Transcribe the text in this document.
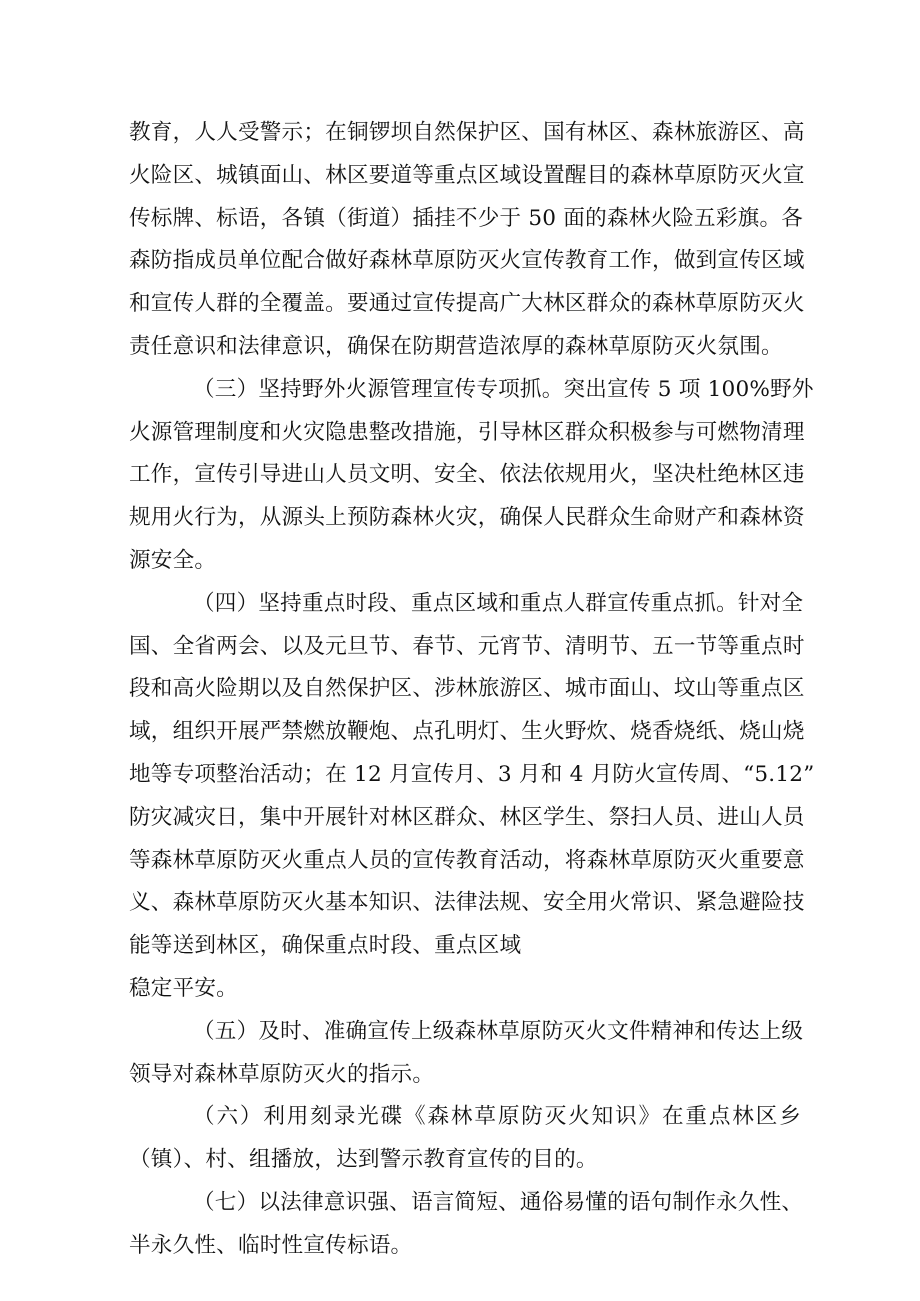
教育，人人受警示；在铜锣坝自然保护区、国有林区、森林旅游区、高
火险区、城镇面山、林区要道等重点区域设置醒目的森林草原防灭火宣
传标牌、标语，各镇（街道）插挂不少于 50 面的森林火险五彩旗。各
森防指成员单位配合做好森林草原防灭火宣传教育工作，做到宣传区域
和宣传人群的全覆盖。要通过宣传提高广大林区群众的森林草原防灭火
责任意识和法律意识，确保在防期营造浓厚的森林草原防灭火氛围。

（三）坚持野外火源管理宣传专项抓。突出宣传 5 项 100%野外
火源管理制度和火灾隐患整改措施，引导林区群众积极参与可燃物清理
工作，宣传引导进山人员文明、安全、依法依规用火，坚决杜绝林区违
规用火行为，从源头上预防森林火灾，确保人民群众生命财产和森林资
源安全。

（四）坚持重点时段、重点区域和重点人群宣传重点抓。针对全
国、全省两会、以及元旦节、春节、元宵节、清明节、五一节等重点时
段和高火险期以及自然保护区、涉林旅游区、城市面山、坟山等重点区
域，组织开展严禁燃放鞭炮、点孔明灯、生火野炊、烧香烧纸、烧山烧
地等专项整治活动；在 12 月宣传月、3 月和 4 月防火宣传周、“5.12”
防灾减灾日，集中开展针对林区群众、林区学生、祭扫人员、进山人员
等森林草原防灭火重点人员的宣传教育活动，将森林草原防灭火重要意
义、森林草原防灭火基本知识、法律法规、安全用火常识、紧急避险技
能等送到林区，确保重点时段、重点区域
稳定平安。

（五）及时、准确宣传上级森林草原防灭火文件精神和传达上级
领导对森林草原防灭火的指示。

（六）利用刻录光碟《森林草原防灭火知识》在重点林区乡
（镇）、村、组播放，达到警示教育宣传的目的。

（七）以法律意识强、语言简短、通俗易懂的语句制作永久性、
半永久性、临时性宣传标语。
